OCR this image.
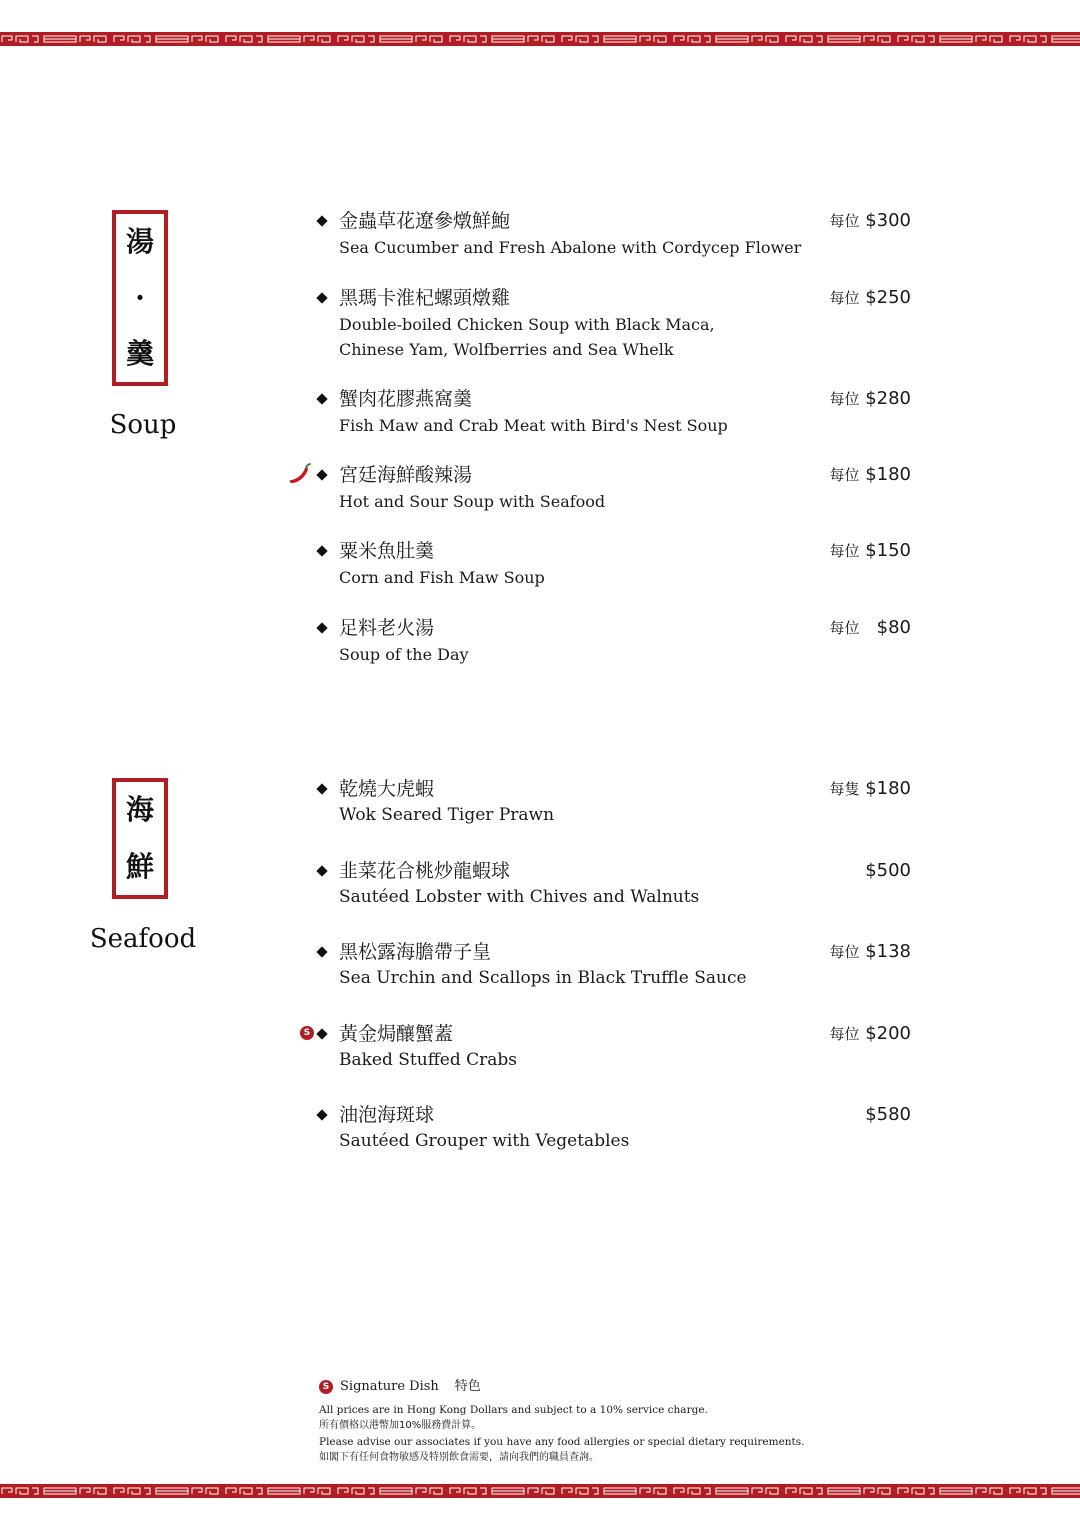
湯
·
羹
Soup
金蟲草花遼參燉鮮鮑
Sea Cucumber and Fresh Abalone with Cordycep Flower
每位 $300
黑瑪卡淮杞螺頭燉雞
Double-boiled Chicken Soup with Black Maca, Chinese Yam, Wolfberries and Sea Whelk
每位 $250
蟹肉花膠燕窩羹
Fish Maw and Crab Meat with Bird's Nest Soup
每位 $280
宮廷海鮮酸辣湯
Hot and Sour Soup with Seafood
每位 $180
粟米魚肚羹
Corn and Fish Maw Soup
每位 $150
足料老火湯
Soup of the Day
每位   $80
海
鮮
Seafood
乾燒大虎蝦
Wok Seared Tiger Prawn
每隻 $180
韭菜花合桃炒龍蝦球
Sautéed Lobster with Chives and Walnuts
$500
黑松露海膽帶子皇
Sea Urchin and Scallops in Black Truffle Sauce
每位 $138
S 黃金焗釀蟹蓋
Baked Stuffed Crabs
每位 $200
油泡海斑球
Sautéed Grouper with Vegetables
$580
S Signature Dish 特色
All prices are in Hong Kong Dollars and subject to a 10% service charge.
所有價格以港幣加10%服務費計算。
Please advise our associates if you have any food allergies or special dietary requirements.
如閣下有任何食物敏感及特別飲食需要，請向我們的職員查詢。
